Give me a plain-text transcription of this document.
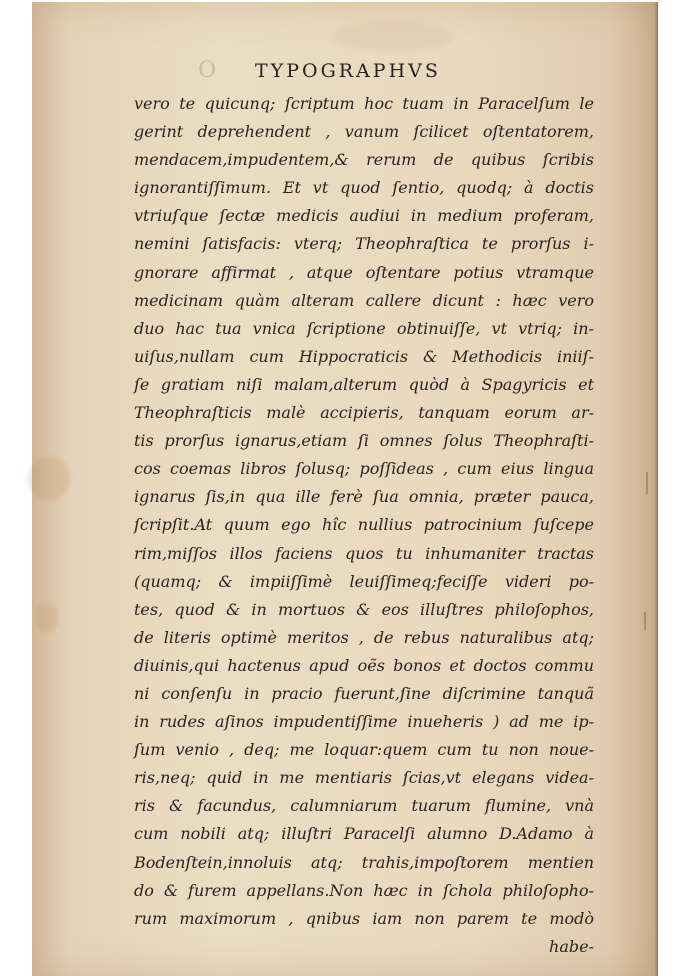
O TYPOGRAPHVS
vero te quicunq; ſcriptum hoc tuam in Paracelſum le
gerint deprehendent , vanum ſcilicet oſtentatorem,
mendacem,impudentem,& rerum de quibus ſcribis
ignorantiſſimum. Et vt quod ſentio, quodq; à doctis
vtriuſque ſectæ medicis audiui in medium proferam,
nemini ſatisfacis: vterq; Theophraſtica te prorſus i-
gnorare affirmat , atque oſtentare potius vtramque
medicinam quàm alteram callere dicunt : hæc vero
duo hac tua vnica ſcriptione obtinuiſſe, vt vtriq; in-
uiſus,nullam cum Hippocraticis & Methodicis iniiſ-
ſe gratiam niſi malam,alterum quòd à Spagyricis et
Theophraſticis malè accipieris, tanquam eorum ar-
tis prorſus ignarus,etiam ſi omnes ſolus Theophraſti-
cos coemas libros ſolusq; poſſideas , cum eius lingua
ignarus ſis,in qua ille ferè ſua omnia, præter pauca,
ſcripſit.At quum ego hîc nullius patrocinium ſuſcepe
rim,miſſos illos faciens quos tu inhumaniter tractas
(quamq; & impiiſſimè leuiſſimeq;feciſſe videri po-
tes, quod & in mortuos & eos illuſtres philoſophos,
de literis optimè meritos , de rebus naturalibus atq;
diuinis,qui hactenus apud oẽs bonos et doctos commu
ni conſenſu in pracio fuerunt,ſine diſcrimine tanquã
in rudes aſinos impudentiſſime inueheris ) ad me ip-
ſum venio , deq; me loquar:quem cum tu non noue-
ris,neq; quid in me mentiaris ſcias,vt elegans videa-
ris & facundus, calumniarum tuarum flumine, vnà
cum nobili atq; illuſtri Paracelſi alumno D.Adamo à
Bodenſtein,innoluis atq; trahis,impoſtorem mentien
do & furem appellans.Non hæc in ſchola philoſopho-
rum maximorum , qnibus iam non parem te modò
habe-
